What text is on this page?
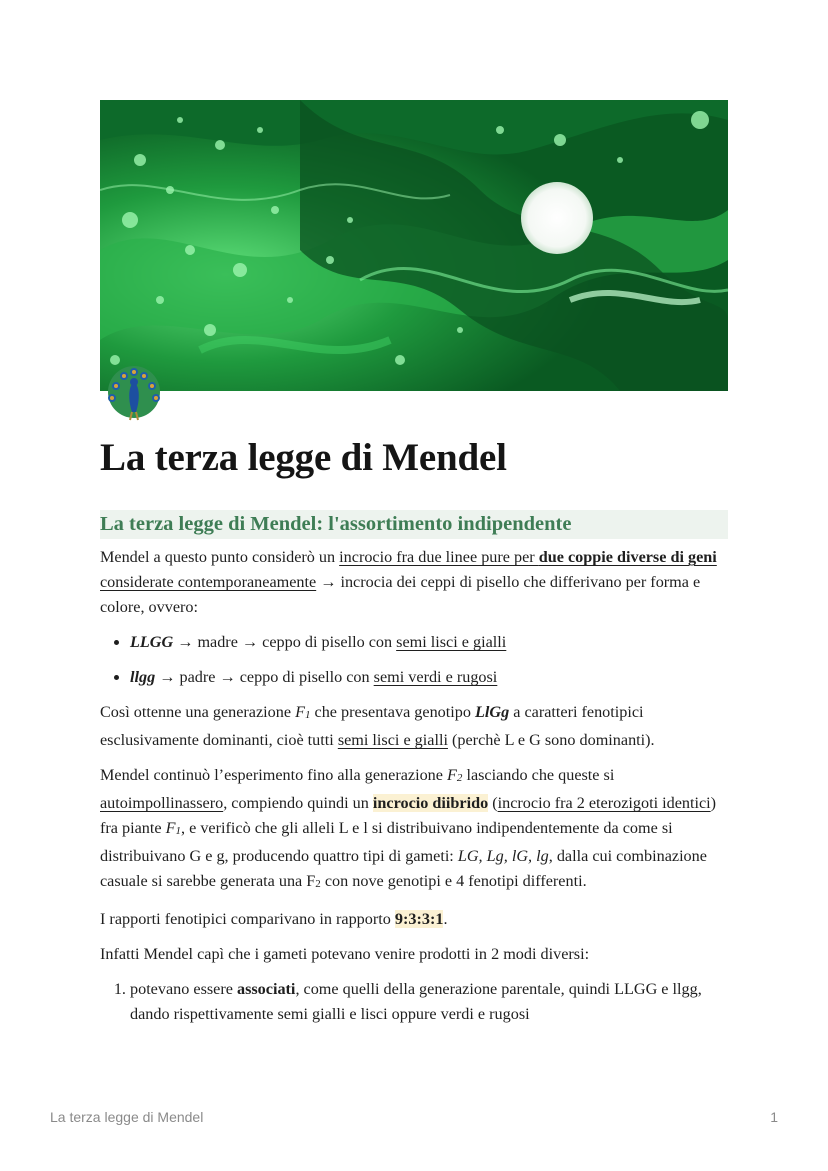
La terza legge di Mendel
La terza legge di Mendel: l'assortimento indipendente

Mendel a questo punto considerò un incrocio fra due linee pure per due coppie diverse di geni considerate contemporaneamente → incrocia dei ceppi di pisello che differivano per forma e colore, ovvero:

• LLGG → madre → ceppo di pisello con semi lisci e gialli
• llgg → padre → ceppo di pisello con semi verdi e rugosi

Così ottenne una generazione $F_1$ che presentava genotipo LlGg a caratteri fenotipici esclusivamente dominanti, cioè tutti semi lisci e gialli (perchè L e G sono dominanti).

Mendel continuò l’esperimento fino alla generazione $F_2$ lasciando che queste si autoimpollinassero, compiendo quindi un incrocio diibrido (incrocio fra 2 eterozigoti identici) fra piante $F_1$, e verificò che gli alleli L e l si distribuivano indipendentemente da come si distribuivano G e g, producendo quattro tipi di gameti: LG, Lg, lG, lg, dalla cui combinazione casuale si sarebbe generata una $F_2$ con nove genotipi e 4 fenotipi differenti.

I rapporti fenotipici comparivano in rapporto 9:3:3:1.

Infatti Mendel capì che i gameti potevano venire prodotti in 2 modi diversi:

1. potevano essere associati, come quelli della generazione parentale, quindi LLGG e llgg, dando rispettivamente semi gialli e lisci oppure verdi e rugosi
La terza legge di Mendel	1
